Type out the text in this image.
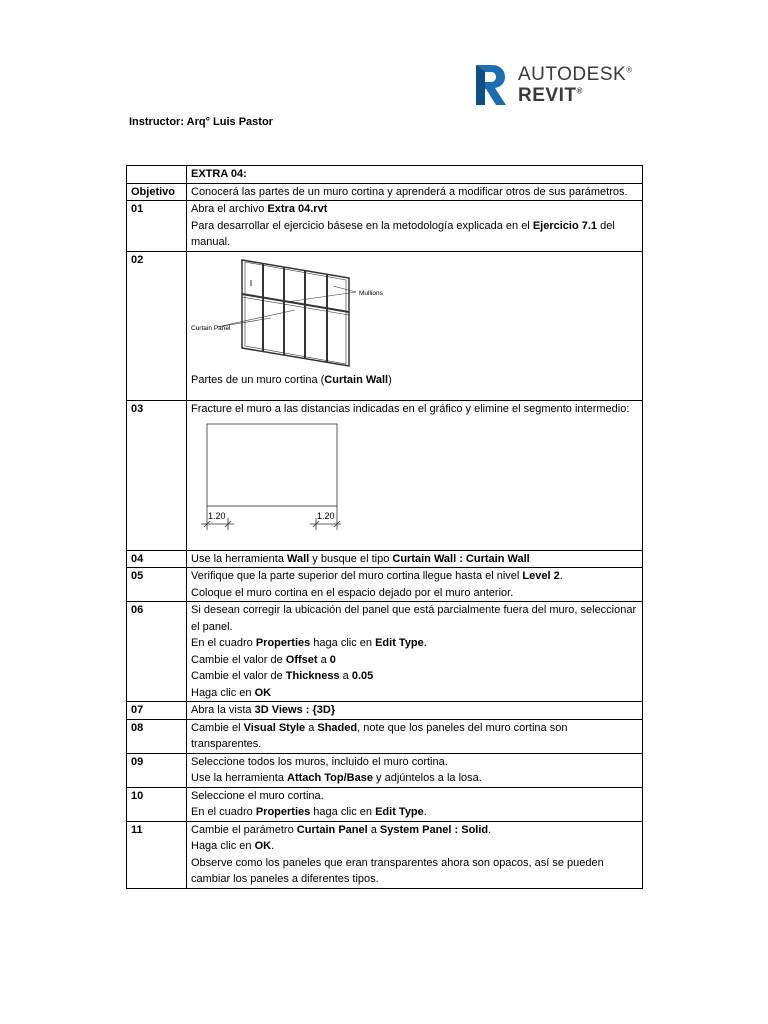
AUTODESK®
REVIT®
Instructor: Arq° Luis Pastor

	EXTRA 04:

Objetivo	Conocerá las partes de un muro cortina y aprenderá a modificar otros de sus parámetros.

01	Abra el archivo Extra 04.rvt
Para desarrollar el ejercicio básese en la metodología explicada en el Ejercicio 7.1 del manual.

02	Mullions
Curtain Panel
Partes de un muro cortina (Curtain Wall)

03	Fracture el muro a las distancias indicadas en el gráfico y elimine el segmento intermedio:
1.20 1.20

04	Use la herramienta Wall y busque el tipo Curtain Wall : Curtain Wall

05	Verifique que la parte superior del muro cortina llegue hasta el nivel Level 2.
Coloque el muro cortina en el espacio dejado por el muro anterior.

06	Si desean corregir la ubicación del panel que está parcialmente fuera del muro, seleccionar el panel.
En el cuadro Properties haga clic en Edit Type.
Cambie el valor de Offset a 0
Cambie el valor de Thickness a 0.05
Haga clic en OK

07	Abra la vista 3D Views : {3D}

08	Cambie el Visual Style a Shaded, note que los paneles del muro cortina son transparentes.

09	Seleccione todos los muros, incluido el muro cortina.
Use la herramienta Attach Top/Base y adjúntelos a la losa.

10	Seleccione el muro cortina.
En el cuadro Properties haga clic en Edit Type.

11	Cambie el parámetro Curtain Panel a System Panel : Solid.
Haga clic en OK.
Observe como los paneles que eran transparentes ahora son opacos, así se pueden cambiar los paneles a diferentes tipos.
